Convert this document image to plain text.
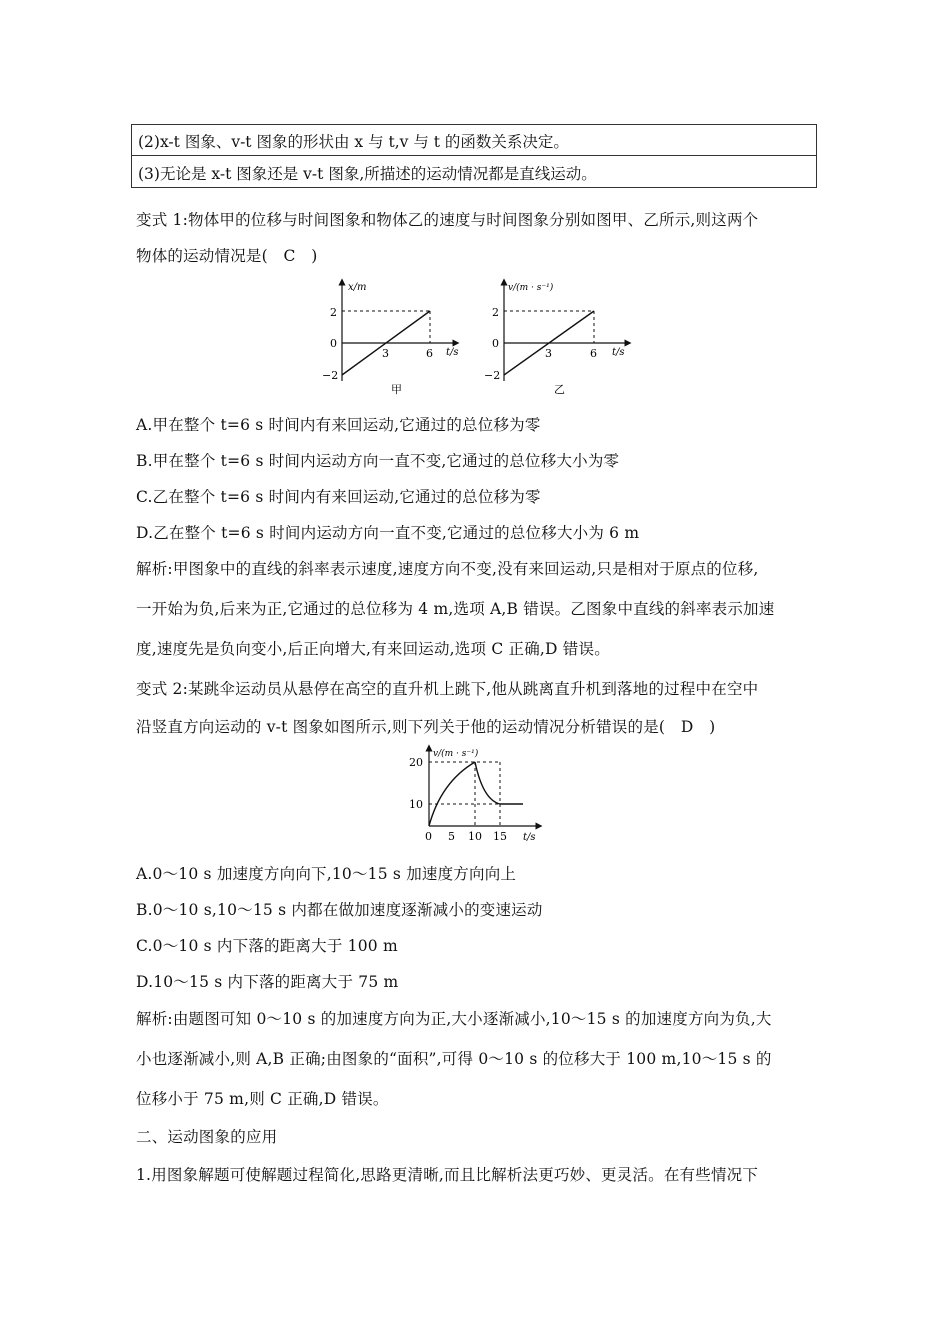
(2)x-t 图象、v-t 图象的形状由 x 与 t,v 与 t 的函数关系决定。
(3)无论是 x-t 图象还是 v-t 图象,所描述的运动情况都是直线运动。
变式 1:物体甲的位移与时间图象和物体乙的速度与时间图象分别如图甲、乙所示,则这两个
物体的运动情况是(　C　)
x/m
2
0
−2
3	6 t/s
甲
v/(m · s⁻¹)
2
0
−2
3	6 t/s
乙
A.甲在整个 t=6 s 时间内有来回运动,它通过的总位移为零
B.甲在整个 t=6 s 时间内运动方向一直不变,它通过的总位移大小为零
C.乙在整个 t=6 s 时间内有来回运动,它通过的总位移为零
D.乙在整个 t=6 s 时间内运动方向一直不变,它通过的总位移大小为 6 m
解析:甲图象中的直线的斜率表示速度,速度方向不变,没有来回运动,只是相对于原点的位移,
一开始为负,后来为正,它通过的总位移为 4 m,选项 A,B 错误。乙图象中直线的斜率表示加速
度,速度先是负向变小,后正向增大,有来回运动,选项 C 正确,D 错误。
变式 2:某跳伞运动员从悬停在高空的直升机上跳下,他从跳离直升机到落地的过程中在空中
沿竖直方向运动的 v-t 图象如图所示,则下列关于他的运动情况分析错误的是(　D　)
v/(m · s⁻¹)
20
10
0 5 10 15 t/s
A.0～10 s 加速度方向向下,10～15 s 加速度方向向上
B.0～10 s,10～15 s 内都在做加速度逐渐减小的变速运动
C.0～10 s 内下落的距离大于 100 m
D.10～15 s 内下落的距离大于 75 m
解析:由题图可知 0～10 s 的加速度方向为正,大小逐渐减小,10～15 s 的加速度方向为负,大
小也逐渐减小,则 A,B 正确;由图象的“面积”,可得 0～10 s 的位移大于 100 m,10～15 s 的
位移小于 75 m,则 C 正确,D 错误。
二、运动图象的应用
1.用图象解题可使解题过程简化,思路更清晰,而且比解析法更巧妙、更灵活。在有些情况下
